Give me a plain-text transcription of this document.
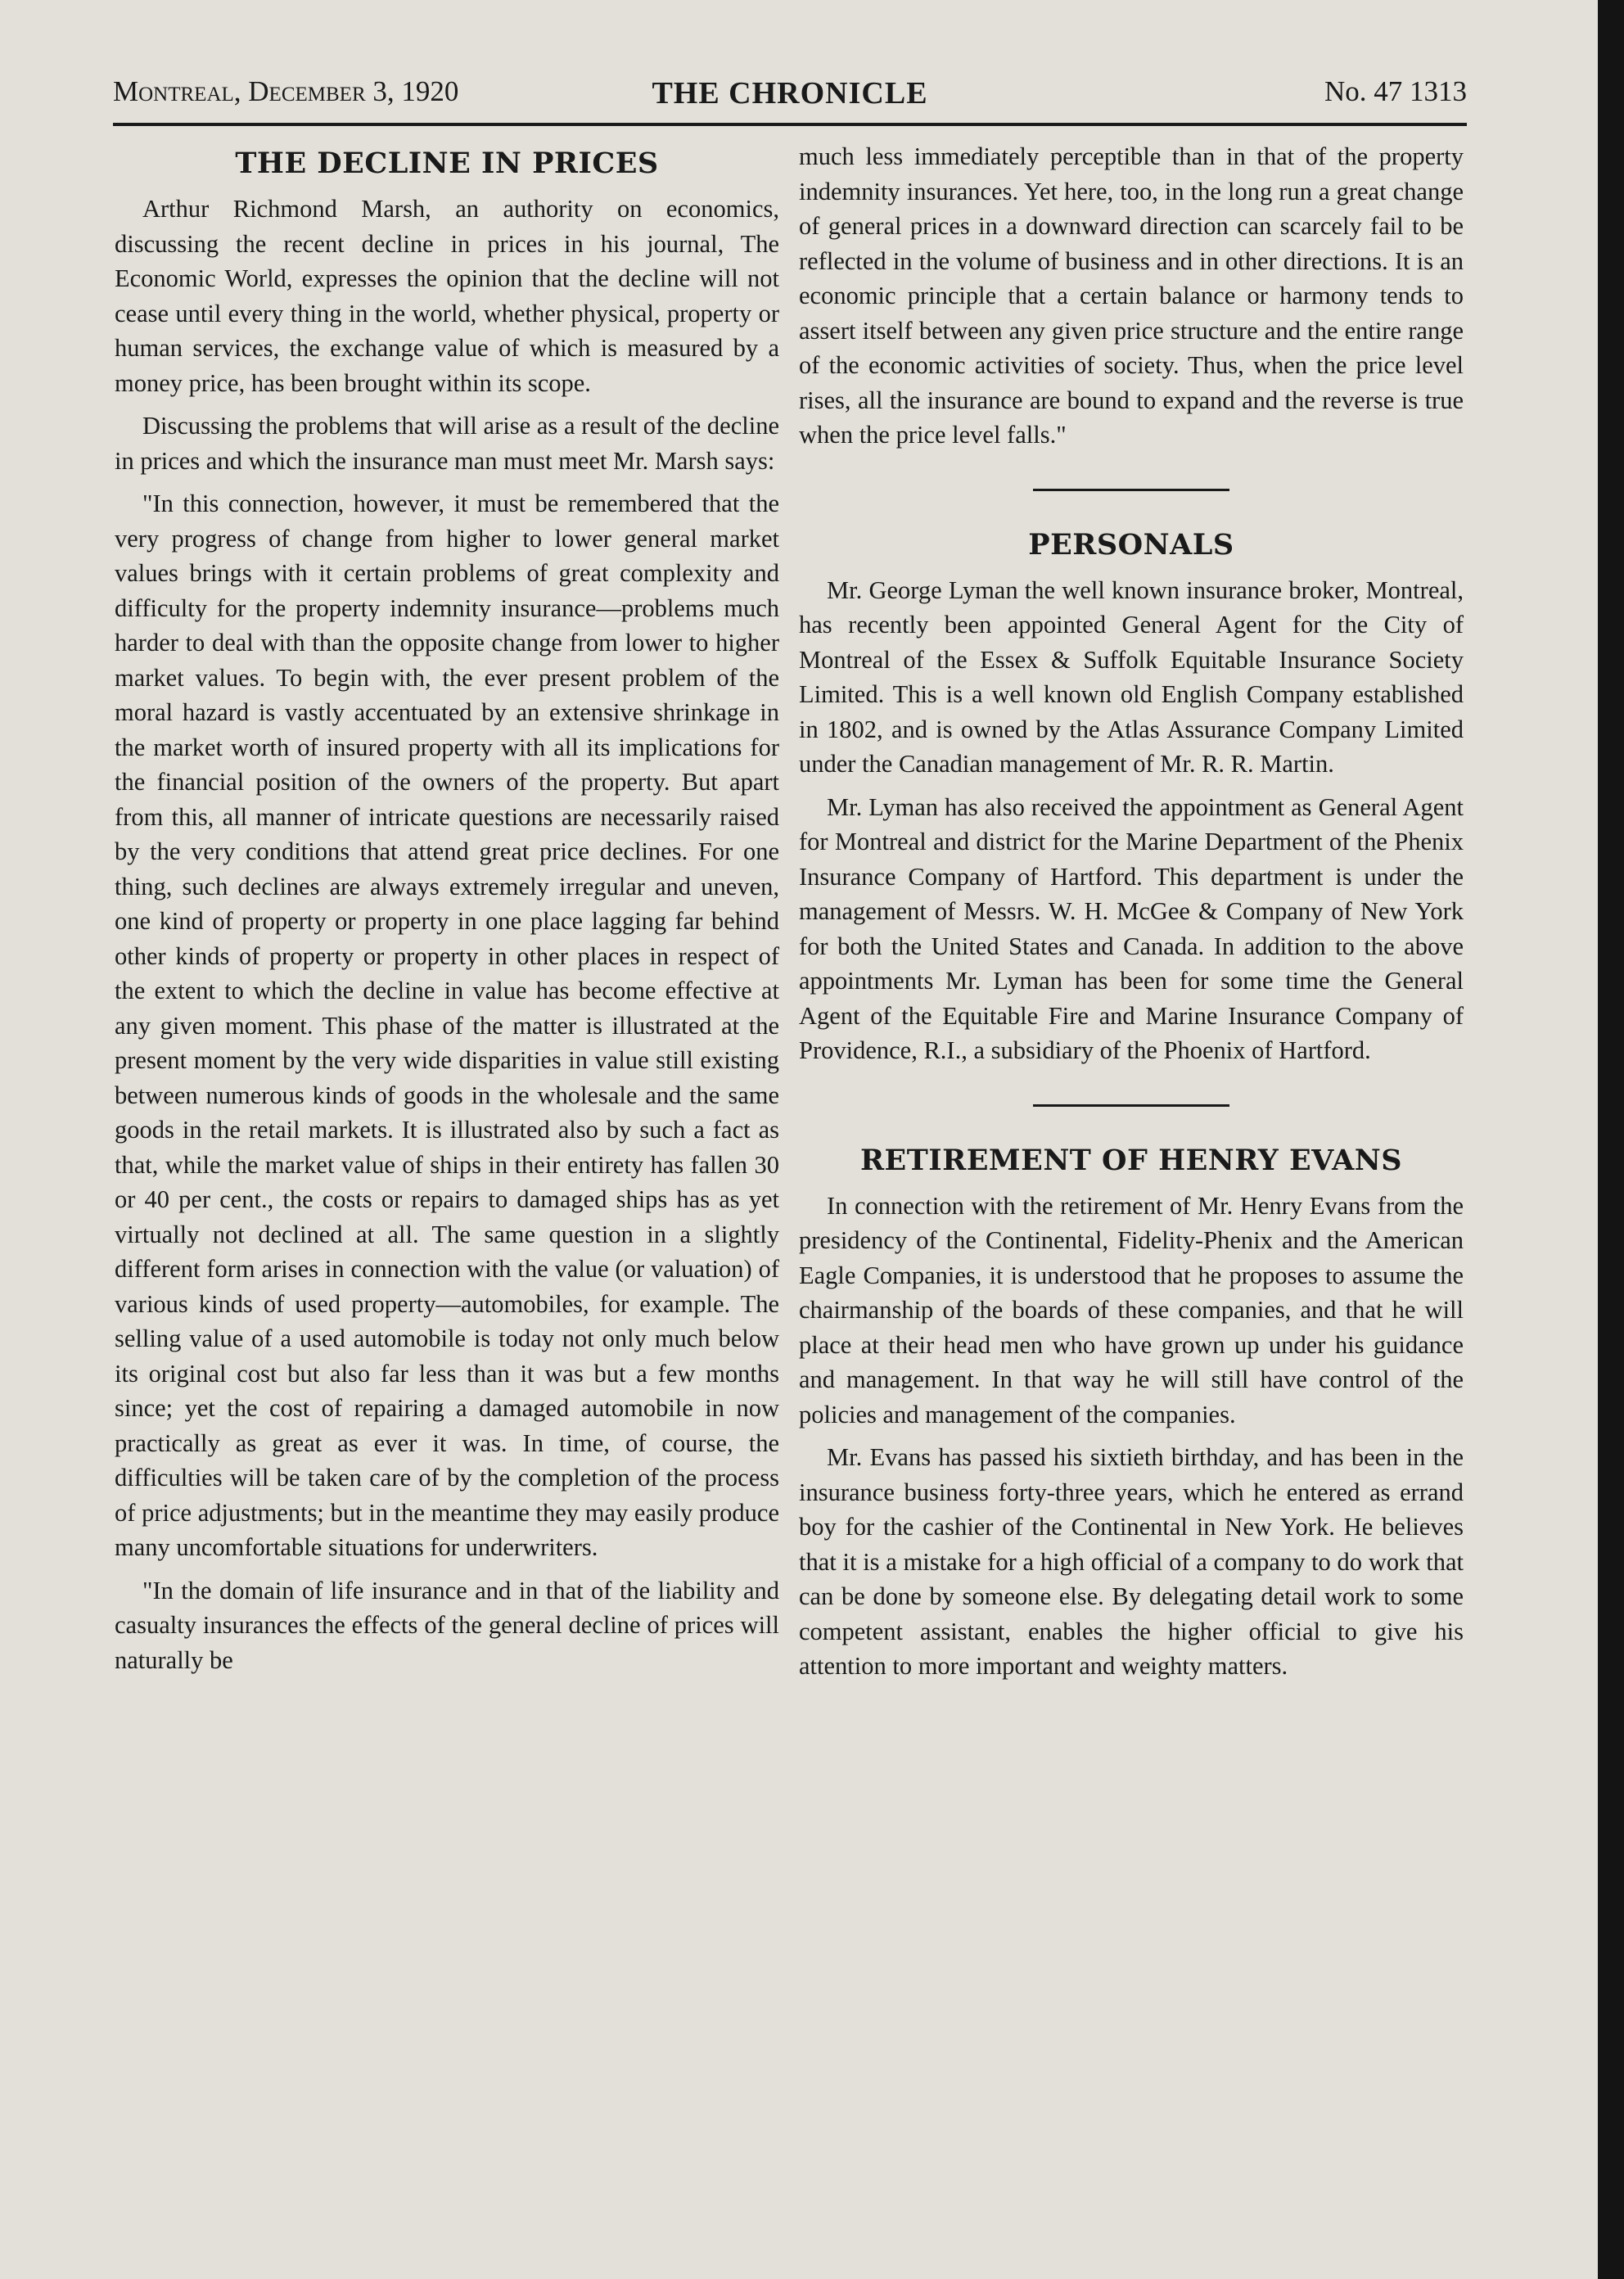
Montreal, December 3, 1920	THE CHRONICLE	No. 47 1313
THE DECLINE IN PRICES

Arthur Richmond Marsh, an authority on economics, discussing the recent decline in prices in his journal, The Economic World, expresses the opinion that the decline will not cease until every thing in the world, whether physical, property or human services, the exchange value of which is measured by a money price, has been brought within its scope.

Discussing the problems that will arise as a result of the decline in prices and which the insurance man must meet Mr. Marsh says:

"In this connection, however, it must be remembered that the very progress of change from higher to lower general market values brings with it certain problems of great complexity and difficulty for the property indemnity insurance—problems much harder to deal with than the opposite change from lower to higher market values. To begin with, the ever present problem of the moral hazard is vastly accentuated by an extensive shrinkage in the market worth of insured property with all its implications for the financial position of the owners of the property. But apart from this, all manner of intricate questions are necessarily raised by the very conditions that attend great price declines. For one thing, such declines are always extremely irregular and uneven, one kind of property or property in one place lagging far behind other kinds of property or property in other places in respect of the extent to which the decline in value has become effective at any given moment. This phase of the matter is illustrated at the present moment by the very wide disparities in value still existing between numerous kinds of goods in the wholesale and the same goods in the retail markets. It is illustrated also by such a fact as that, while the market value of ships in their entirety has fallen 30 or 40 per cent., the costs or repairs to damaged ships has as yet virtually not declined at all. The same question in a slightly different form arises in connection with the value (or valuation) of various kinds of used property—automobiles, for example. The selling value of a used automobile is today not only much below its original cost but also far less than it was but a few months since; yet the cost of repairing a damaged automobile in now practically as great as ever it was. In time, of course, the difficulties will be taken care of by the completion of the process of price adjustments; but in the meantime they may easily produce many uncomfortable situations for underwriters.

"In the domain of life insurance and in that of the liability and casualty insurances the effects of the general decline of prices will naturally be

much less immediately perceptible than in that of the property indemnity insurances. Yet here, too, in the long run a great change of general prices in a downward direction can scarcely fail to be reflected in the volume of business and in other directions. It is an economic principle that a certain balance or harmony tends to assert itself between any given price structure and the entire range of the economic activities of society. Thus, when the price level rises, all the insurance are bound to expand and the reverse is true when the price level falls."

PERSONALS

Mr. George Lyman the well known insurance broker, Montreal, has recently been appointed General Agent for the City of Montreal of the Essex & Suffolk Equitable Insurance Society Limited. This is a well known old English Company established in 1802, and is owned by the Atlas Assurance Company Limited under the Canadian management of Mr. R. R. Martin.

Mr. Lyman has also received the appointment as General Agent for Montreal and district for the Marine Department of the Phenix Insurance Company of Hartford. This department is under the management of Messrs. W. H. McGee & Company of New York for both the United States and Canada. In addition to the above appointments Mr. Lyman has been for some time the General Agent of the Equitable Fire and Marine Insurance Company of Providence, R.I., a subsidiary of the Phoenix of Hartford.

RETIREMENT OF HENRY EVANS

In connection with the retirement of Mr. Henry Evans from the presidency of the Continental, Fidelity-Phenix and the American Eagle Companies, it is understood that he proposes to assume the chairmanship of the boards of these companies, and that he will place at their head men who have grown up under his guidance and management. In that way he will still have control of the policies and management of the companies.

Mr. Evans has passed his sixtieth birthday, and has been in the insurance business forty-three years, which he entered as errand boy for the cashier of the Continental in New York. He believes that it is a mistake for a high official of a company to do work that can be done by someone else. By delegating detail work to some competent assistant, enables the higher official to give his attention to more important and weighty matters.
